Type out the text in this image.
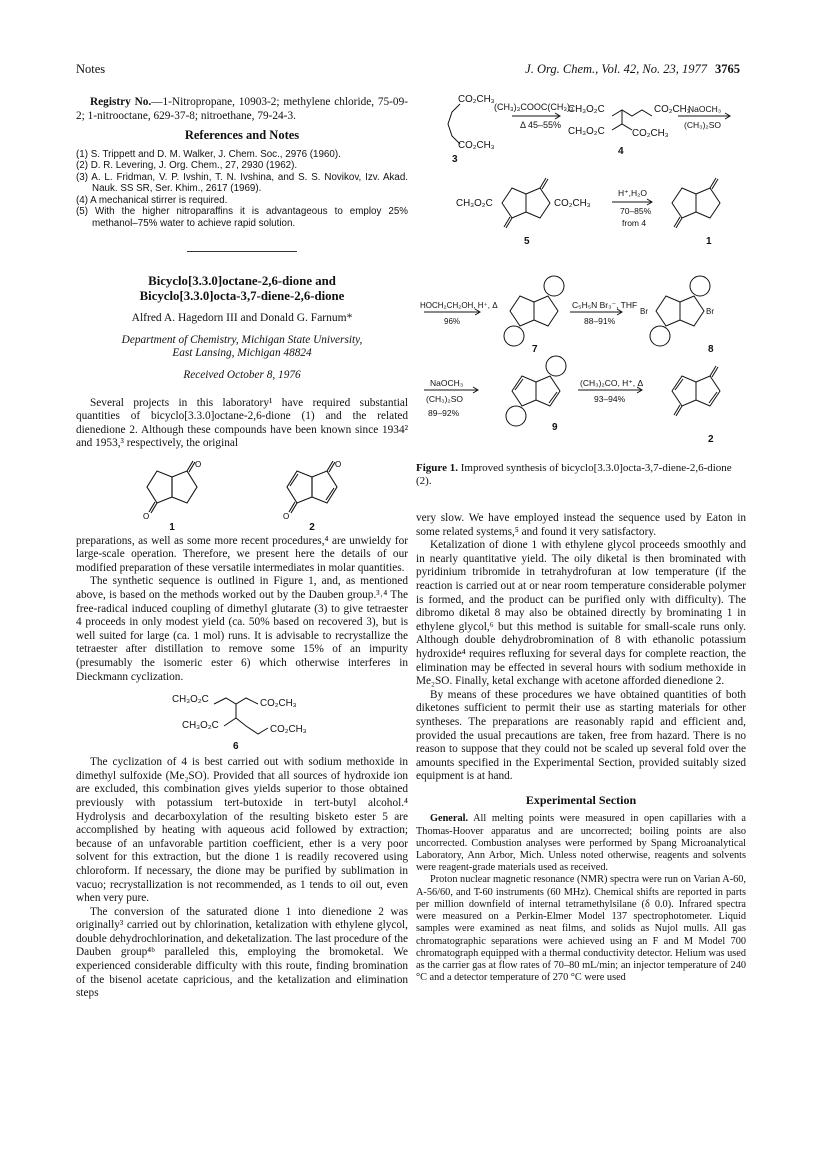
Notes	J. Org. Chem., Vol. 42, No. 23, 1977 3765

Registry No.—1-Nitropropane, 10903-2; methylene chloride, 75-09-2; 1-nitrooctane, 629-37-8; nitroethane, 79-24-3.

References and Notes
(1) S. Trippett and D. M. Walker, J. Chem. Soc., 2976 (1960).
(2) D. R. Levering, J. Org. Chem., 27, 2930 (1962).
(3) A. L. Fridman, V. P. Ivshin, T. N. Ivshina, and S. S. Novikov, Izv. Akad. Nauk. SS SR, Ser. Khim., 2617 (1969).
(4) A mechanical stirrer is required.
(5) With the higher nitroparaffins it is advantageous to employ 25% methanol–75% water to achieve rapid solution.
Bicyclo[3.3.0]octane-2,6-dione and
Bicyclo[3.3.0]octa-3,7-diene-2,6-dione
Alfred A. Hagedorn III and Donald G. Farnum*
Department of Chemistry, Michigan State University,
East Lansing, Michigan 48824
Received October 8, 1976

Several projects in this laboratory¹ have required substantial quantities of bicyclo[3.3.0]octane-2,6-dione (1) and the related dienedione 2. Although these compounds have been known since 1934² and 1953,³ respectively, the original

O
O
1
O
O
2

preparations, as well as some more recent procedures,⁴ are unwieldy for large-scale operation. Therefore, we present here the details of our modified preparation of these versatile intermediates in molar quantities.

The synthetic sequence is outlined in Figure 1, and, as mentioned above, is based on the methods worked out by the Dauben group.³˒⁴ The free-radical induced coupling of dimethyl glutarate (3) to give tetraester 4 proceeds in only modest yield (ca. 50% based on recovered 3), but is well suited for large (ca. 1 mol) runs. It is advisable to recrystallize the tetraester after distillation to remove some 15% of an impurity (presumably the isomeric ester 6) which otherwise interferes in Dieckmann cyclization.

CH₃O₂C	CO₂CH₃
CH₃O₂C	CO₂CH₃
6

The cyclization of 4 is best carried out with sodium methoxide in dimethyl sulfoxide (Me₂SO). Provided that all sources of hydroxide ion are excluded, this combination gives yields superior to those obtained previously with potassium tert-butoxide in tert-butyl alcohol.⁴ Hydrolysis and decarboxylation of the resulting bisketo ester 5 are accomplished by heating with aqueous acid followed by extraction; because of an unfavorable partition coefficient, ether is a very poor solvent for this extraction, but the dione 1 is readily recovered using chloroform. If necessary, the dione may be purified by sublimation in vacuo; recrystallization is not recommended, as 1 tends to oil out, even when very pure.

The conversion of the saturated dione 1 into dienedione 2 was originally³ carried out by chlorination, ketalization with ethylene glycol, double dehydrochlorination, and deketalization. The last procedure of the Dauben group⁴ᵇ paralleled this, employing the bromoketal. We experienced considerable difficulty with this route, finding bromination of the bisenol acetate capricious, and the ketalization and elimination steps

CO₂CH₃
CO₂CH₃
3
(CH₃)₃COOC(CH₃)₃
Δ 45–55%
CH₃O₂C	CO₂CH₃
CH₃O₂C	CO₂CH₃
4
NaOCH₃
(CH₃)₂SO
CH₃O₂C	CO₂CH₃
5
H⁺,H₂O
70–85%
from 4
1
HOCH₂CH₂OH, H⁺, Δ
96%
7
C₅H₅N Br₃⁻, THF
88–91%
Br	Br
8
NaOCH₃
(CH₃)₂SO
89–92%
9
(CH₃)₂CO, H⁺, Δ
93–94%
2
Figure 1. Improved synthesis of bicyclo[3.3.0]octa-3,7-diene-2,6-dione (2).

very slow. We have employed instead the sequence used by Eaton in some related systems,⁵ and found it very satisfactory.

Ketalization of dione 1 with ethylene glycol proceeds smoothly and in nearly quantitative yield. The oily diketal is then brominated with pyridinium tribromide in tetrahydrofuran at low temperature (if the reaction is carried out at or near room temperature considerable polymer is formed, and the product can be purified only with difficulty). The dibromo diketal 8 may also be obtained directly by brominating 1 in ethylene glycol,⁶ but this method is suitable for small-scale runs only. Although double dehydrobromination of 8 with ethanolic potassium hydroxide⁴ requires refluxing for several days for complete reaction, the elimination may be effected in several hours with sodium methoxide in Me₂SO. Finally, ketal exchange with acetone afforded dienedione 2.

By means of these procedures we have obtained quantities of both diketones sufficient to permit their use as starting materials for other syntheses. The preparations are reasonably rapid and efficient and, provided the usual precautions are taken, free from hazard. There is no reason to suppose that they could not be scaled up several fold over the amounts specified in the Experimental Section, provided suitably sized equipment is at hand.

Experimental Section

General. All melting points were measured in open capillaries with a Thomas-Hoover apparatus and are uncorrected; boiling points are also uncorrected. Combustion analyses were performed by Spang Microanalytical Laboratory, Ann Arbor, Mich. Unless noted otherwise, reagents and solvents were reagent-grade materials used as received.

Proton nuclear magnetic resonance (NMR) spectra were run on Varian A-60, A-56/60, and T-60 instruments (60 MHz). Chemical shifts are reported in parts per million downfield of internal tetramethylsilane (δ 0.0). Infrared spectra were measured on a Perkin-Elmer Model 137 spectrophotometer. Liquid samples were examined as neat films, and solids as Nujol mulls. All gas chromatographic separations were achieved using an F and M Model 700 chromatograph equipped with a thermal conductivity detector. Helium was used as the carrier gas at flow rates of 70–80 mL/min; an injector temperature of 240 °C and a detector temperature of 270 °C were used
